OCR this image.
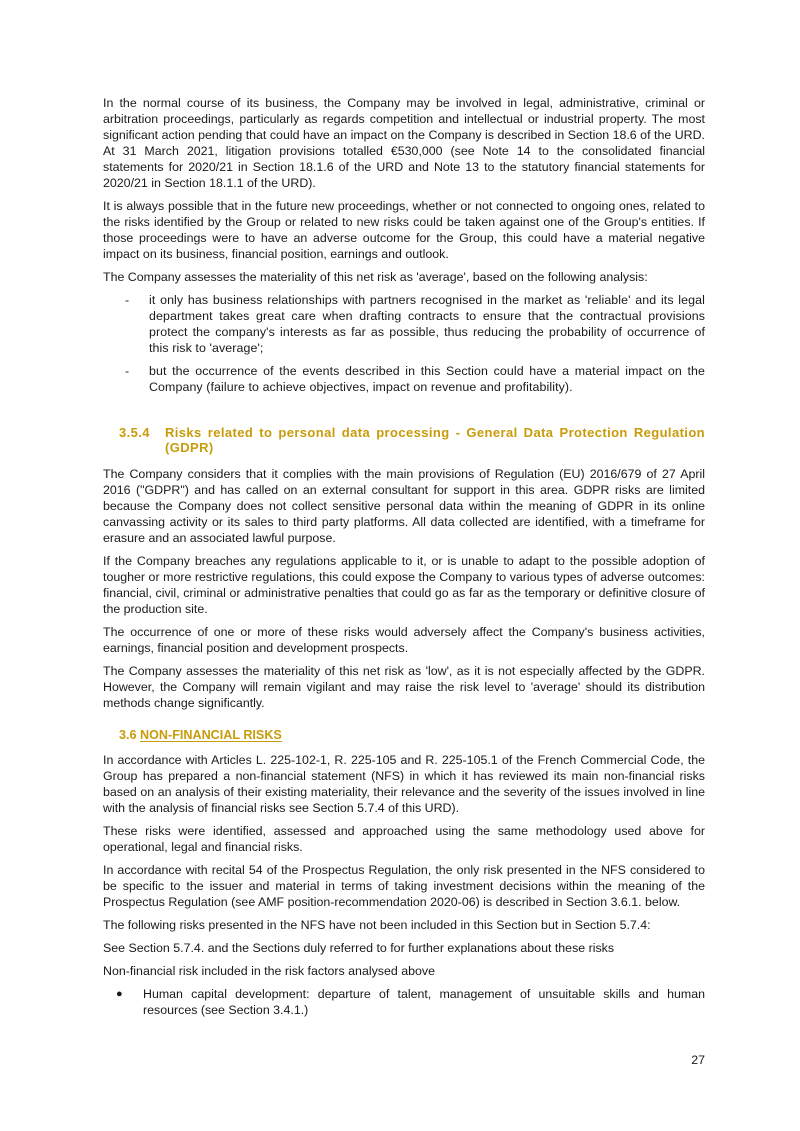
In the normal course of its business, the Company may be involved in legal, administrative, criminal or arbitration proceedings, particularly as regards competition and intellectual or industrial property. The most significant action pending that could have an impact on the Company is described in Section 18.6 of the URD. At 31 March 2021, litigation provisions totalled €530,000 (see Note 14 to the consolidated financial statements for 2020/21 in Section 18.1.6 of the URD and Note 13 to the statutory financial statements for 2020/21 in Section 18.1.1 of the URD).

It is always possible that in the future new proceedings, whether or not connected to ongoing ones, related to the risks identified by the Group or related to new risks could be taken against one of the Group's entities. If those proceedings were to have an adverse outcome for the Group, this could have a material negative impact on its business, financial position, earnings and outlook.

The Company assesses the materiality of this net risk as 'average', based on the following analysis:

- it only has business relationships with partners recognised in the market as 'reliable' and its legal department takes great care when drafting contracts to ensure that the contractual provisions protect the company's interests as far as possible, thus reducing the probability of occurrence of this risk to 'average';
- but the occurrence of the events described in this Section could have a material impact on the Company (failure to achieve objectives, impact on revenue and profitability).
3.5.4 Risks related to personal data processing - General Data Protection Regulation (GDPR)

The Company considers that it complies with the main provisions of Regulation (EU) 2016/679 of 27 April 2016 ("GDPR") and has called on an external consultant for support in this area. GDPR risks are limited because the Company does not collect sensitive personal data within the meaning of GDPR in its online canvassing activity or its sales to third party platforms. All data collected are identified, with a timeframe for erasure and an associated lawful purpose.

If the Company breaches any regulations applicable to it, or is unable to adapt to the possible adoption of tougher or more restrictive regulations, this could expose the Company to various types of adverse outcomes: financial, civil, criminal or administrative penalties that could go as far as the temporary or definitive closure of the production site.

The occurrence of one or more of these risks would adversely affect the Company's business activities, earnings, financial position and development prospects.

The Company assesses the materiality of this net risk as 'low', as it is not especially affected by the GDPR. However, the Company will remain vigilant and may raise the risk level to 'average' should its distribution methods change significantly.

3.6 NON-FINANCIAL RISKS

In accordance with Articles L. 225-102-1, R. 225-105 and R. 225-105.1 of the French Commercial Code, the Group has prepared a non-financial statement (NFS) in which it has reviewed its main non-financial risks based on an analysis of their existing materiality, their relevance and the severity of the issues involved in line with the analysis of financial risks see Section 5.7.4 of this URD).

These risks were identified, assessed and approached using the same methodology used above for operational, legal and financial risks.

In accordance with recital 54 of the Prospectus Regulation, the only risk presented in the NFS considered to be specific to the issuer and material in terms of taking investment decisions within the meaning of the Prospectus Regulation (see AMF position-recommendation 2020-06) is described in Section 3.6.1. below.

The following risks presented in the NFS have not been included in this Section but in Section 5.7.4:

See Section 5.7.4. and the Sections duly referred to for further explanations about these risks

Non-financial risk included in the risk factors analysed above

● Human capital development: departure of talent, management of unsuitable skills and human resources (see Section 3.4.1.)
27
